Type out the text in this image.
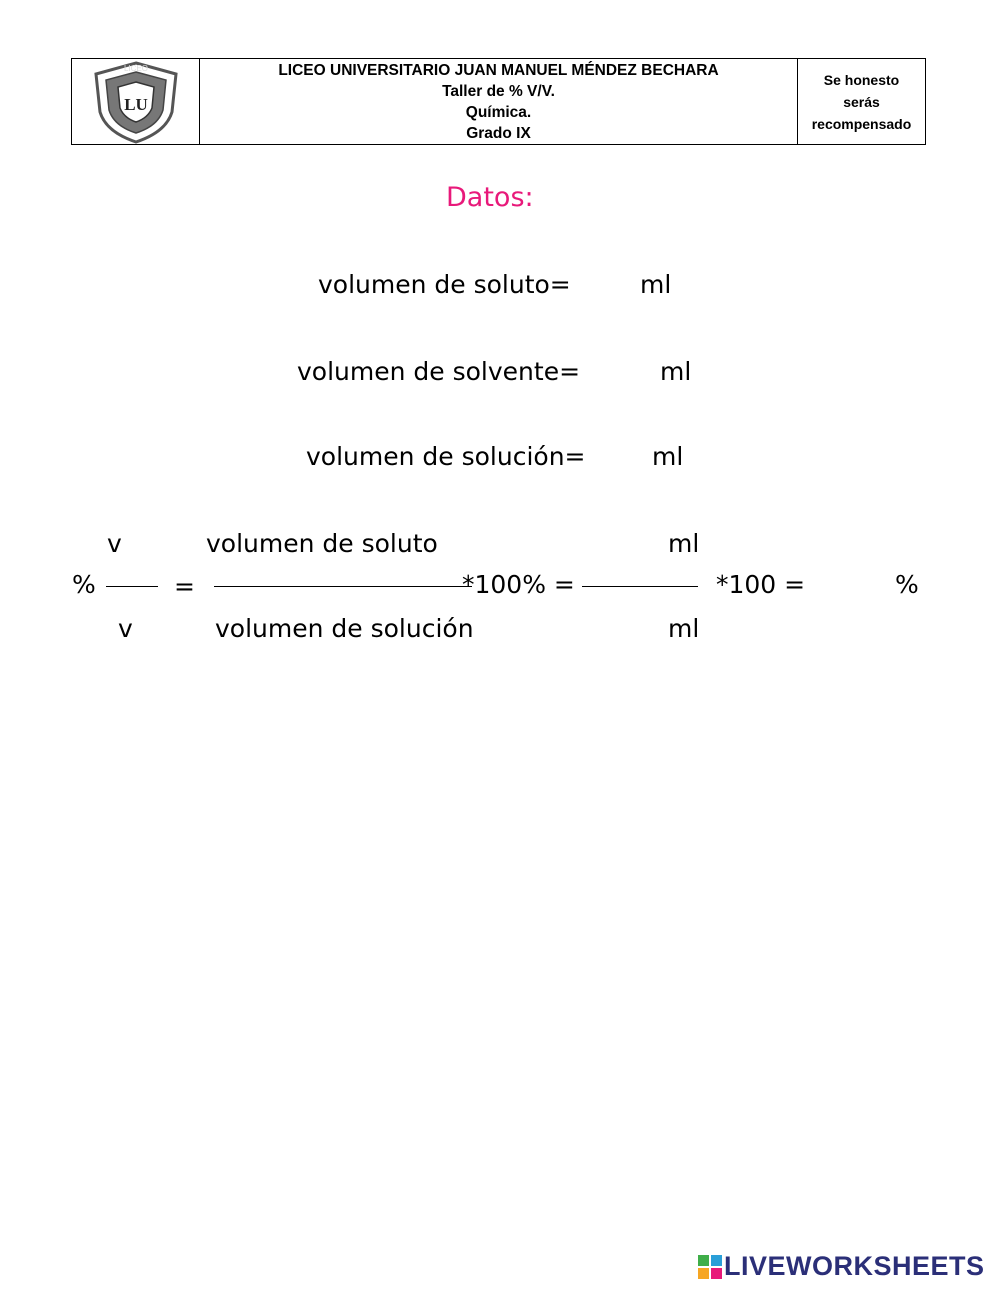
LU
LICEO	LICEO UNIVERSITARIO JUAN MANUEL MÉNDEZ BECHARA
Taller de % V/V.
Química.
Grado IX
Se honesto
serás
recompensado
Datos:
volumen de soluto=	ml
volumen de solvente=	ml
volumen de solución=	ml
v
v
%	=
volumen de soluto
volumen de solución
*100% =
ml
ml
*100 =	%
LIVEWORKSHEETS
